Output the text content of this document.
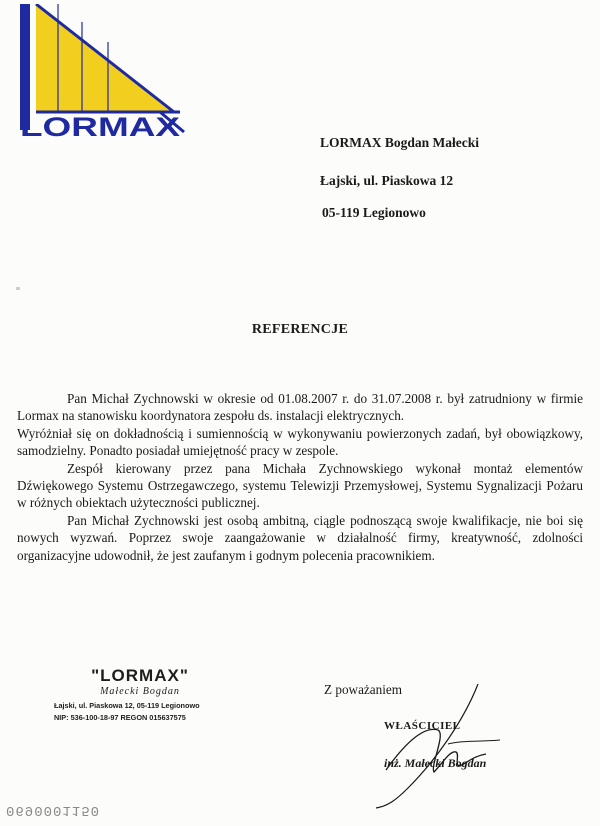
LORMAX
LORMAX Bogdan Małecki
Łajski, ul. Piaskowa 12
05-119 Legionowo
REFERENCJE

Pan Michał Zychnowski w okresie od 01.08.2007 r. do 31.07.2008 r. był zatrudniony w firmie Lormax na stanowisku koordynatora zespołu ds. instalacji elektrycznych.

Wyróżniał się on dokładnością i sumiennością w wykonywaniu powierzonych zadań, był obowiązkowy, samodzielny. Ponadto posiadał umiejętność pracy w zespole.

Zespół kierowany przez pana Michała Zychnowskiego wykonał montaż elementów Dźwiękowego Systemu Ostrzegawczego, systemu Telewizji Przemysłowej, Systemu Sygnalizacji Pożaru w różnych obiektach użyteczności publicznej.

Pan Michał Zychnowski jest osobą ambitną, ciągle podnoszącą swoje kwalifikacje, nie boi się nowych wyzwań. Poprzez swoje zaangażowanie w działalność firmy, kreatywność, zdolności organizacyjne udowodnił, że jest zaufanym i godnym polecenia pracownikiem.

"LORMAX"
Małecki Bogdan
Łajski, ul. Piaskowa 12, 05-119 Legionowo
NIP: 536-100-18-97 REGON 015637575
Z poważaniem
WŁAŚCICIEL
inż. Małecki Bogdan
0690001150
